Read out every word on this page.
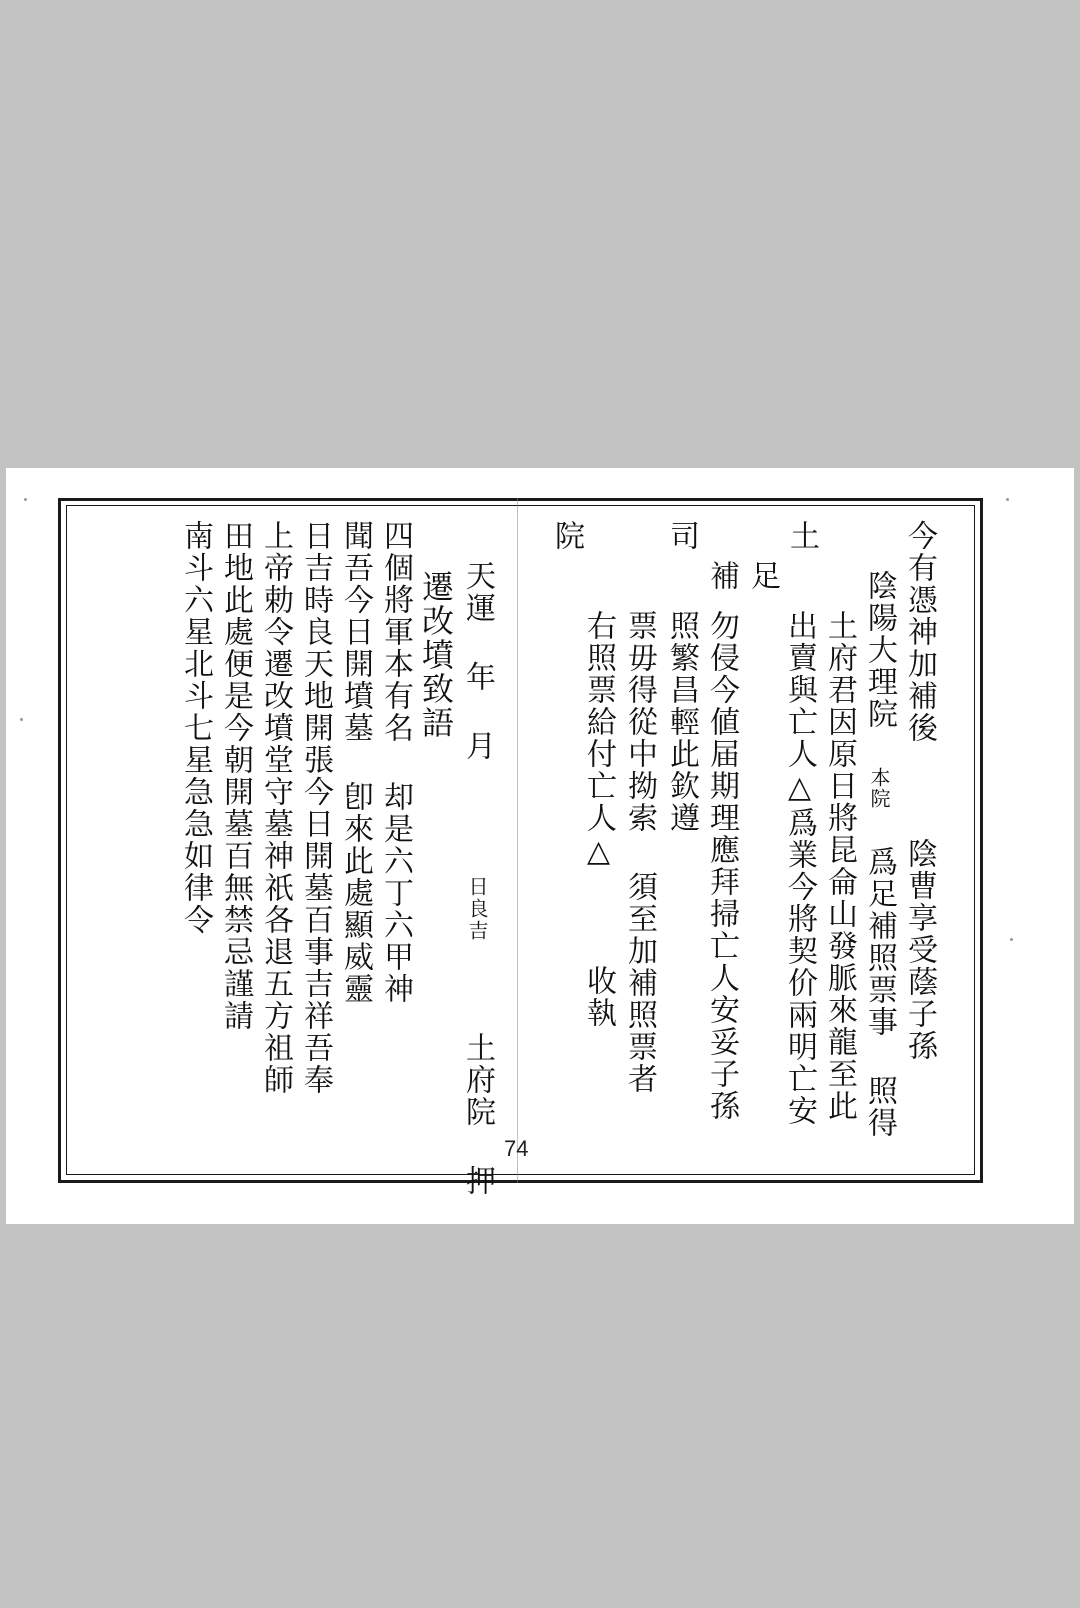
今有憑神加補後  陰曹享受蔭子孫
陰陽大理院 本院 爲足補照票事 照得
土府君因原日將昆侖山發脈來龍至此
土
出賣與亡人△爲業今將契价兩明亡安
足
勿侵今値届期理應拜掃亡人安妥子孫
司
補
照繁昌輕此欽遵
院
票毋得從中拗索 須至加補照票者
右照票給付亡人△  收執
天運 年 月  日良吉  土府院 押
遷改墳致語
四個將軍本有名 却是六丁六甲神
聞吾今日開墳墓 卽來此處顯威靈
日吉時良天地開張今日開墓百事吉祥吾奉
上帝勅令遷改墳堂守墓神祇各退五方祖師
田地此處便是今朝開墓百無禁忌謹請
南斗六星北斗七星急急如律令
74
